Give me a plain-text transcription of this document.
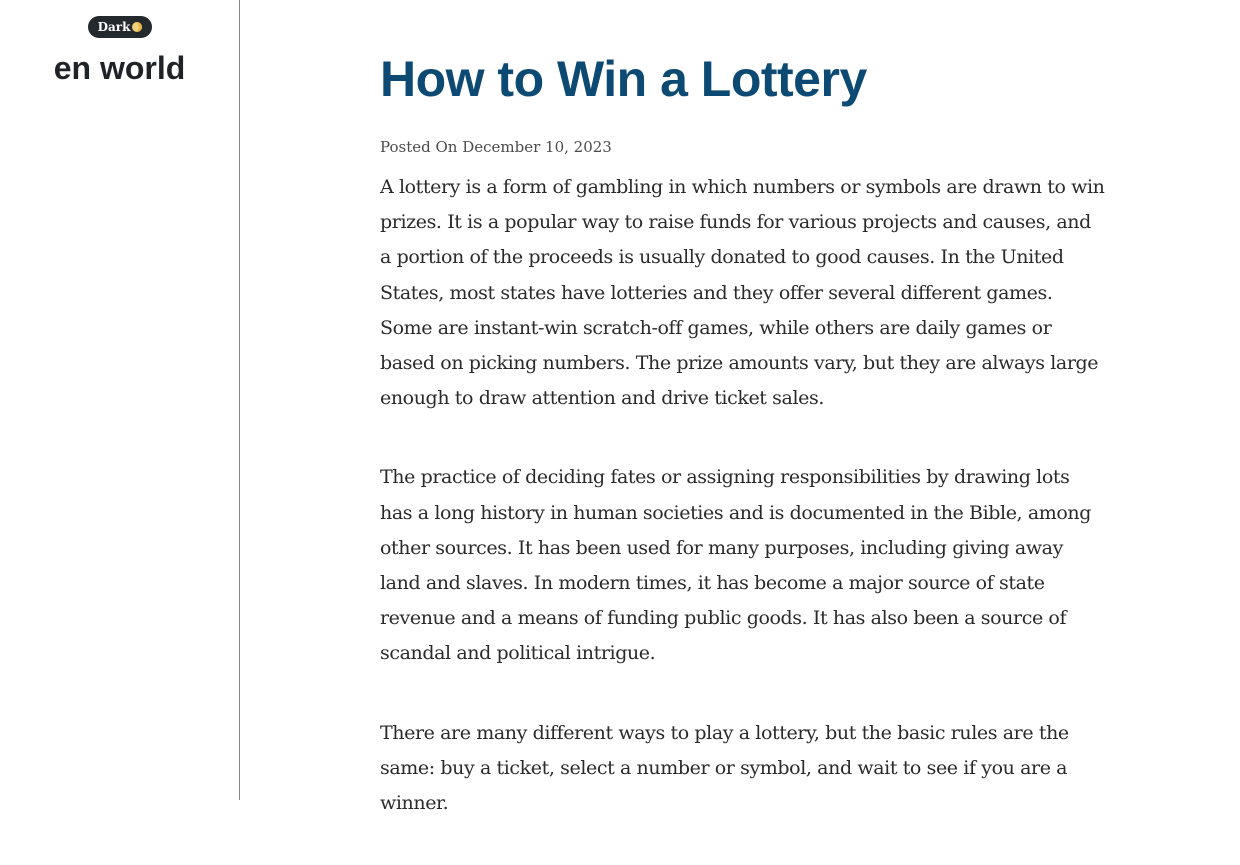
Dark
en world	How to Win a Lottery
Posted On December 10, 2023

A lottery is a form of gambling in which numbers or symbols are drawn to win prizes. It is a popular way to raise funds for various projects and causes, and a portion of the proceeds is usually donated to good causes. In the United States, most states have lotteries and they offer several different games. Some are instant-win scratch-off games, while others are daily games or based on picking numbers. The prize amounts vary, but they are always large enough to draw attention and drive ticket sales.

The practice of deciding fates or assigning responsibilities by drawing lots has a long history in human societies and is documented in the Bible, among other sources. It has been used for many purposes, including giving away land and slaves. In modern times, it has become a major source of state revenue and a means of funding public goods. It has also been a source of scandal and political intrigue.

There are many different ways to play a lottery, but the basic rules are the same: buy a ticket, select a number or symbol, and wait to see if you are a winner.
